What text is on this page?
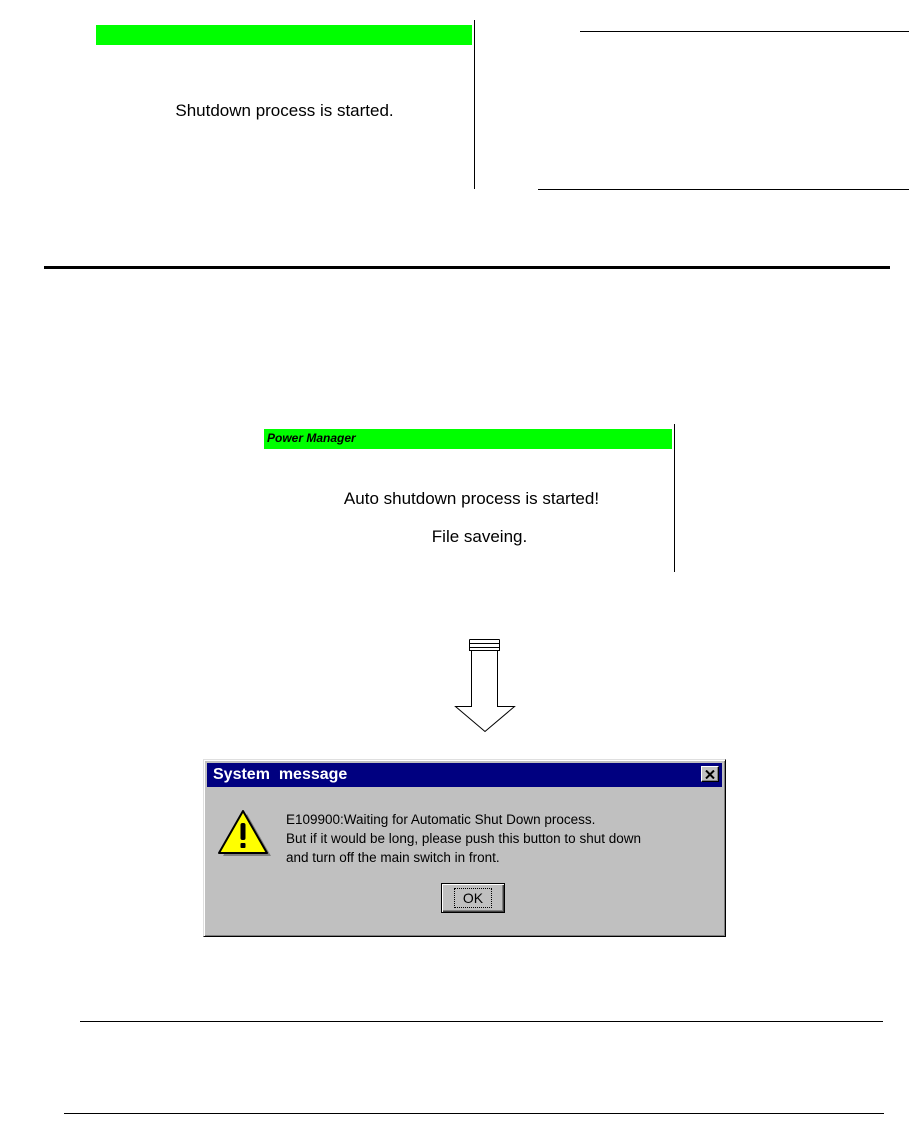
Shutdown process is started.
Power Manager
Auto shutdown process is started!
File saveing.
System  message
E109900:Waiting for Automatic Shut Down process.
But if it would be long, please push this button to shut down
and turn off the main switch in front.
OK
